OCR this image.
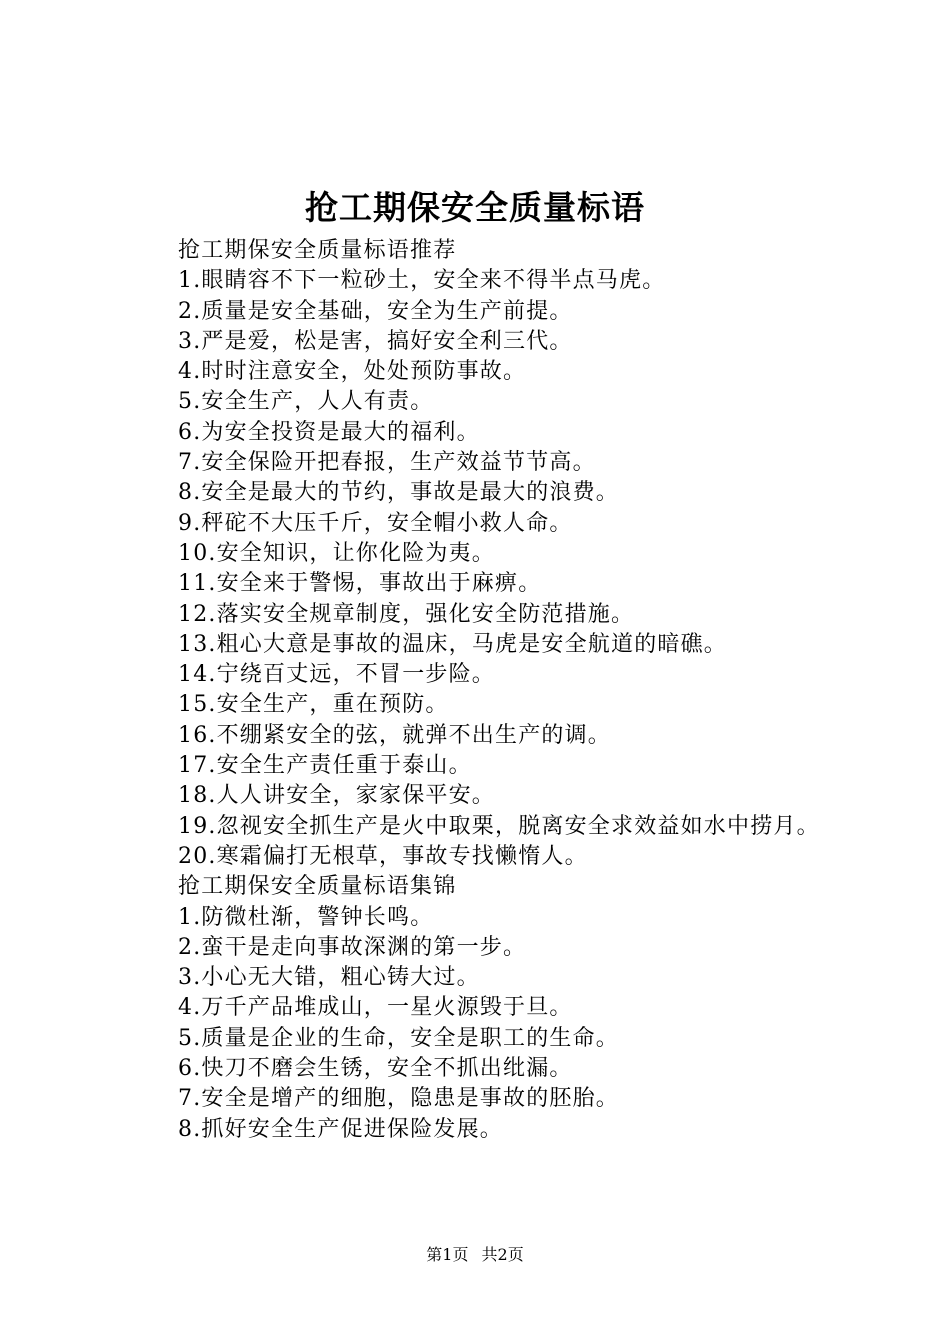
抢工期保安全质量标语

抢工期保安全质量标语推荐

1.眼睛容不下一粒砂土，安全来不得半点马虎。

2.质量是安全基础，安全为生产前提。

3.严是爱，松是害，搞好安全利三代。

4.时时注意安全，处处预防事故。

5.安全生产，人人有责。

6.为安全投资是最大的福利。

7.安全保险开把春报，生产效益节节高。

8.安全是最大的节约，事故是最大的浪费。

9.秤砣不大压千斤，安全帽小救人命。

10.安全知识，让你化险为夷。

11.安全来于警惕，事故出于麻痹。

12.落实安全规章制度，强化安全防范措施。

13.粗心大意是事故的温床，马虎是安全航道的暗礁。

14.宁绕百丈远，不冒一步险。

15.安全生产，重在预防。

16.不绷紧安全的弦，就弹不出生产的调。

17.安全生产责任重于泰山。

18.人人讲安全，家家保平安。

19.忽视安全抓生产是火中取栗，脱离安全求效益如水中捞月。

20.寒霜偏打无根草，事故专找懒惰人。

抢工期保安全质量标语集锦

1.防微杜渐，警钟长鸣。

2.蛮干是走向事故深渊的第一步。

3.小心无大错，粗心铸大过。

4.万千产品堆成山，一星火源毁于旦。

5.质量是企业的生命，安全是职工的生命。

6.快刀不磨会生锈，安全不抓出纰漏。

7.安全是增产的细胞，隐患是事故的胚胎。

8.抓好安全生产促进保险发展。

第1页 共2页
